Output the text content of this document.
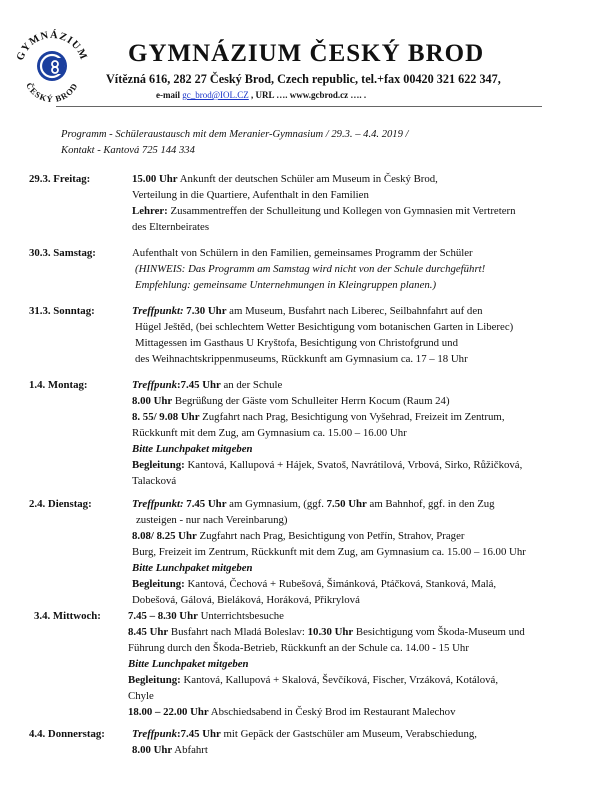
GYMNÁZIUM
ČESKÝ BROD
GYMNÁZIUM ČESKÝ BROD
Vítězná 616, 282 27 Český Brod, Czech republic, tel.+fax 00420 321 622 347,
e-mail gc_brod@IOL.CZ , URL …. www.gcbrod.cz …. .
Programm - Schüleraustausch mit dem Meranier-Gymnasium / 29.3. – 4.4. 2019 /
Kontakt - Kantová 725 144 334
29.3. Freitag:	15.00 Uhr Ankunft der deutschen Schüler am Museum in Český Brod,
Verteilung in die Quartiere, Aufenthalt in den Familien
Lehrer: Zusammentreffen der Schulleitung und Kollegen von Gymnasien mit Vertretern
des Elternbeirates
30.3. Samstag:	Aufenthalt von Schülern in den Familien, gemeinsames Programm der Schüler
(HINWEIS: Das Programm am Samstag wird nicht von der Schule durchgeführt!
Empfehlung: gemeinsame Unternehmungen in Kleingruppen planen.)
31.3. Sonntag:	Treffpunkt: 7.30 Uhr am Museum, Busfahrt nach Liberec, Seilbahnfahrt auf den
Hügel Ještěd, (bei schlechtem Wetter Besichtigung vom botanischen Garten in Liberec)
Mittagessen im Gasthaus U Kryštofa, Besichtigung von Christofgrund und
des Weihnachtskrippenmuseums, Rückkunft am Gymnasium ca. 17 – 18 Uhr
1.4. Montag:	Treffpunk:7.45 Uhr an der Schule
8.00 Uhr Begrüßung der Gäste vom Schulleiter Herrn Kocum (Raum 24)
8. 55/ 9.08 Uhr Zugfahrt nach Prag, Besichtigung von Vyšehrad, Freizeit im Zentrum,
Rückkunft mit dem Zug, am Gymnasium ca. 15.00 – 16.00 Uhr
Bitte Lunchpaket mitgeben
Begleitung: Kantová, Kallupová + Hájek, Svatoš, Navrátilová, Vrbová, Sirko, Růžičková,
Talacková
2.4. Dienstag:	Treffpunkt: 7.45 Uhr am Gymnasium, (ggf. 7.50 Uhr am Bahnhof, ggf. in den Zug
zusteigen - nur nach Vereinbarung)
8.08/ 8.25 Uhr Zugfahrt nach Prag, Besichtigung von Petřín, Strahov, Prager
Burg, Freizeit im Zentrum, Rückkunft mit dem Zug, am Gymnasium ca. 15.00 – 16.00 Uhr
Bitte Lunchpaket mitgeben
Begleitung: Kantová, Čechová + Rubešová, Šimánková, Ptáčková, Stanková, Malá,
Dobešová, Gálová, Bieláková, Horáková, Přikrylová
3.4. Mittwoch:	7.45 – 8.30 Uhr Unterrichtsbesuche
8.45 Uhr Busfahrt nach Mladá Boleslav: 10.30 Uhr Besichtigung vom Škoda-Museum und
Führung durch den Škoda-Betrieb, Rückkunft an der Schule ca. 14.00 - 15 Uhr
Bitte Lunchpaket mitgeben
Begleitung: Kantová, Kallupová + Skalová, Ševčíková, Fischer, Vrzáková, Kotálová,
Chyle
18.00 – 22.00 Uhr Abschiedsabend in Český Brod im Restaurant Malechov
4.4. Donnerstag:	Treffpunk:7.45 Uhr mit Gepäck der Gastschüler am Museum, Verabschiedung,
8.00 Uhr Abfahrt
